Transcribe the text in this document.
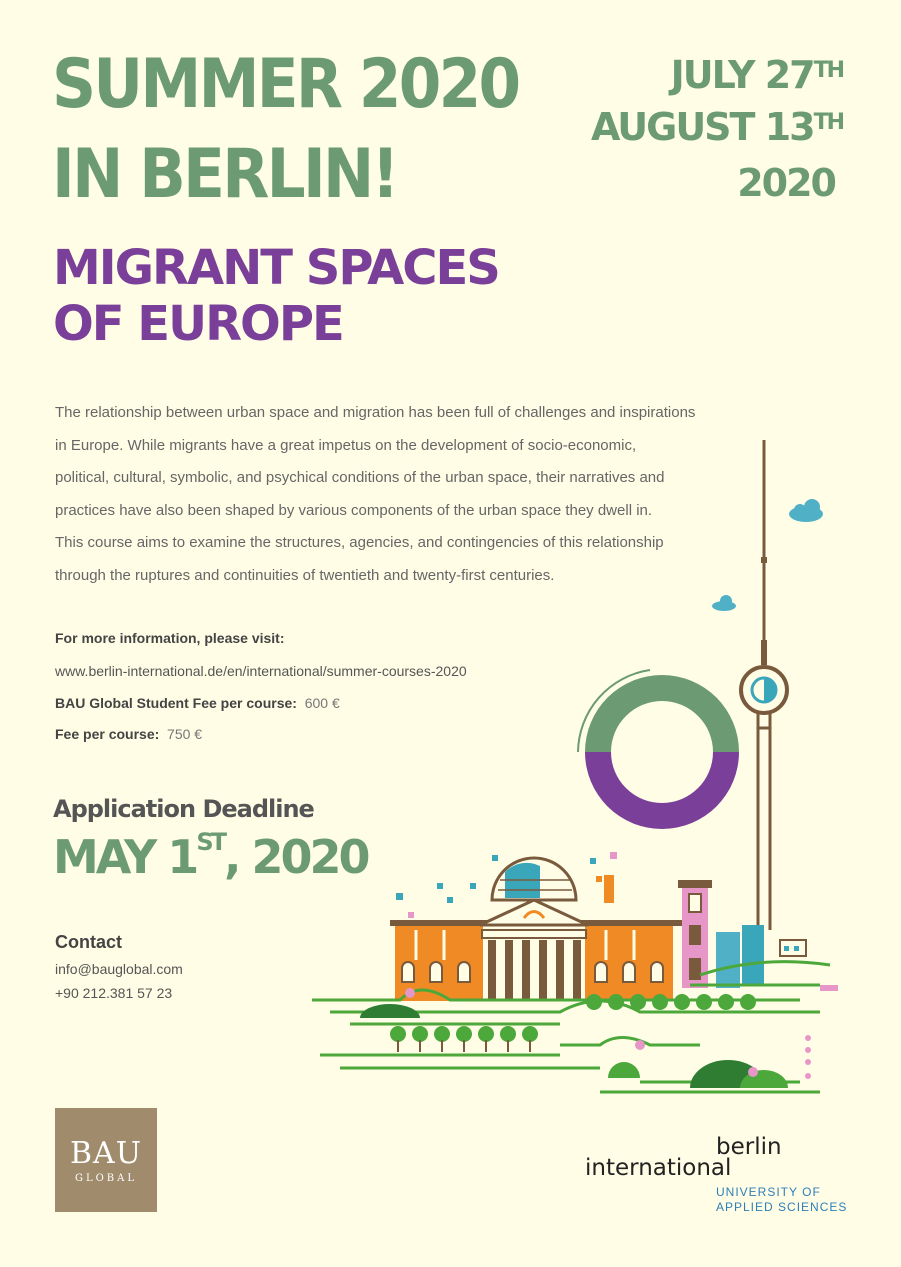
SUMMER 2020
IN BERLIN!
JULY 27TH
AUGUST 13TH
2020
MIGRANT SPACES
OF EUROPE
The relationship between urban space and migration has been full of challenges and inspirations
in Europe. While migrants have a great impetus on the development of socio-economic,
political, cultural, symbolic, and psychical conditions of the urban space, their narratives and
practices have also been shaped by various components of the urban space they dwell in.
This course aims to examine the structures, agencies, and contingencies of this relationship
through the ruptures and continuities of twentieth and twenty-first centuries.
For more information, please visit:
www.berlin-international.de/en/international/summer-courses-2020
BAU Global Student Fee per course: 600 €
Fee per course: 750 €
Application Deadline
MAY 1ST, 2020
Contact
info@bauglobal.com
+90 212.381 57 23
BAU
GLOBAL
berlin
international
UNIVERSITY OF
APPLIED SCIENCES
